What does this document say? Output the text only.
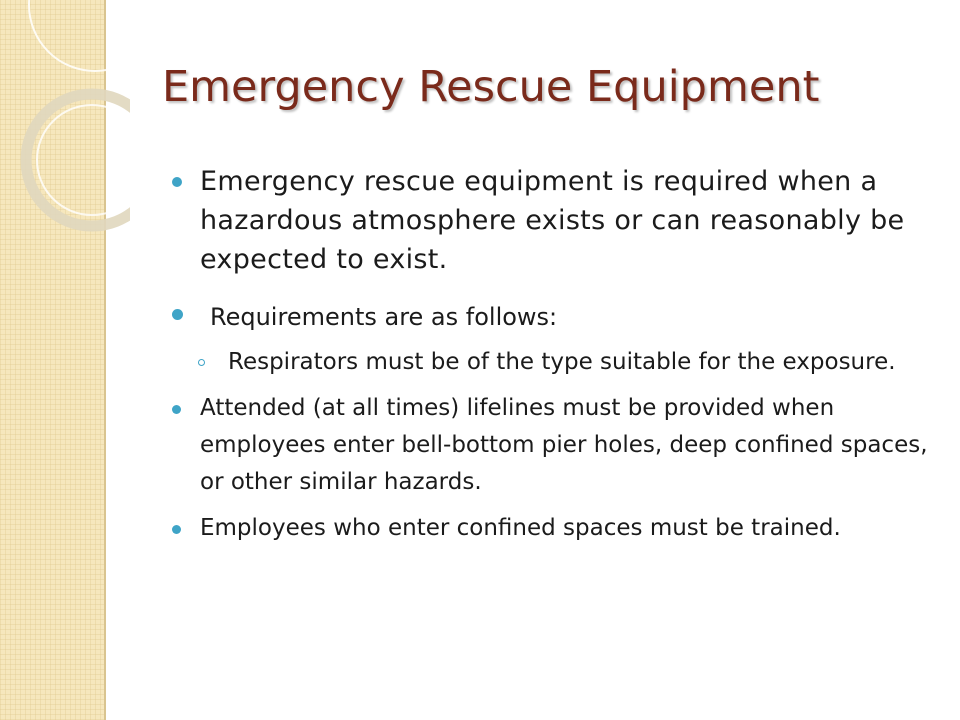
Emergency Rescue Equipment
Emergency rescue equipment is required when a hazardous atmosphere exists or can reasonably be expected to exist.
Requirements are as follows:
Respirators must be of the type suitable for the exposure.
Attended (at all times) lifelines must be provided when employees enter bell-bottom pier holes, deep confined spaces, or other similar hazards.
Employees who enter confined spaces must be trained.
